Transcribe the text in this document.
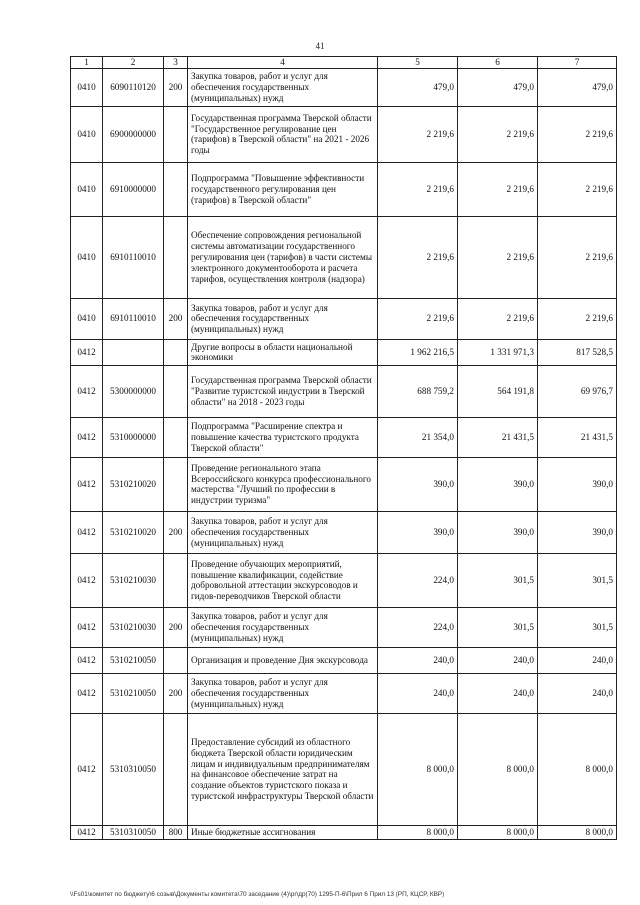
41
1	2	3	4	5	6	7
0410	6090110120	200	Закупка товаров, работ и услуг для обеспечения государственных (муниципальных) нужд	479,0	479,0	479,0
0410	6900000000		Государственная программа Тверской области "Государственное регулирование цен (тарифов) в Тверской области" на 2021 - 2026 годы	2 219,6	2 219,6	2 219,6
0410	6910000000		Подпрограмма "Повышение эффективности государственного регулирования цен (тарифов) в Тверской области"	2 219,6	2 219,6	2 219,6
0410	6910110010		Обеспечение сопровождения региональной системы автоматизации государственного регулирования цен (тарифов) в части системы электронного документооборота и расчета тарифов, осуществления контроля (надзора)	2 219,6	2 219,6	2 219,6
0410	6910110010	200	Закупка товаров, работ и услуг для обеспечения государственных (муниципальных) нужд	2 219,6	2 219,6	2 219,6
0412			Другие вопросы в области национальной экономики	1 962 216,5	1 331 971,3	817 528,5
0412	5300000000		Государственная программа Тверской области "Развитие туристской индустрии в Тверской области" на 2018 - 2023 годы	688 759,2	564 191,8	69 976,7
0412	5310000000		Подпрограмма "Расширение спектра и повышение качества туристского продукта Тверской области"	21 354,0	21 431,5	21 431,5
0412	5310210020		Проведение регионального этапа Всероссийского конкурса профессионального мастерства "Лучший по профессии в индустрии туризма"	390,0	390,0	390,0
0412	5310210020	200	Закупка товаров, работ и услуг для обеспечения государственных (муниципальных) нужд	390,0	390,0	390,0
0412	5310210030		Проведение обучающих мероприятий, повышение квалификации, содействие добровольной аттестации экскурсоводов и гидов-переводчиков Тверской области	224,0	301,5	301,5
0412	5310210030	200	Закупка товаров, работ и услуг для обеспечения государственных (муниципальных) нужд	224,0	301,5	301,5
0412	5310210050		Организация и проведение Дня экскурсовода	240,0	240,0	240,0
0412	5310210050	200	Закупка товаров, работ и услуг для обеспечения государственных (муниципальных) нужд	240,0	240,0	240,0
0412	5310310050		Предоставление субсидий из областного бюджета Тверской области юридическим лицам и индивидуальным предпринимателям на финансовое обеспечение затрат на создание объектов туристского показа и туристской инфраструктуры Тверской области	8 000,0	8 000,0	8 000,0
0412	5310310050	800	Иные бюджетные ассигнования	8 000,0	8 000,0	8 000,0
\\Fs01\комитет по бюджету\6 созыв\Документы комитета\70 заседание (4)\pr\дp(70) 1295-П-6\Прил 6 Прил 13 (РП, КЦСР, КВР)
